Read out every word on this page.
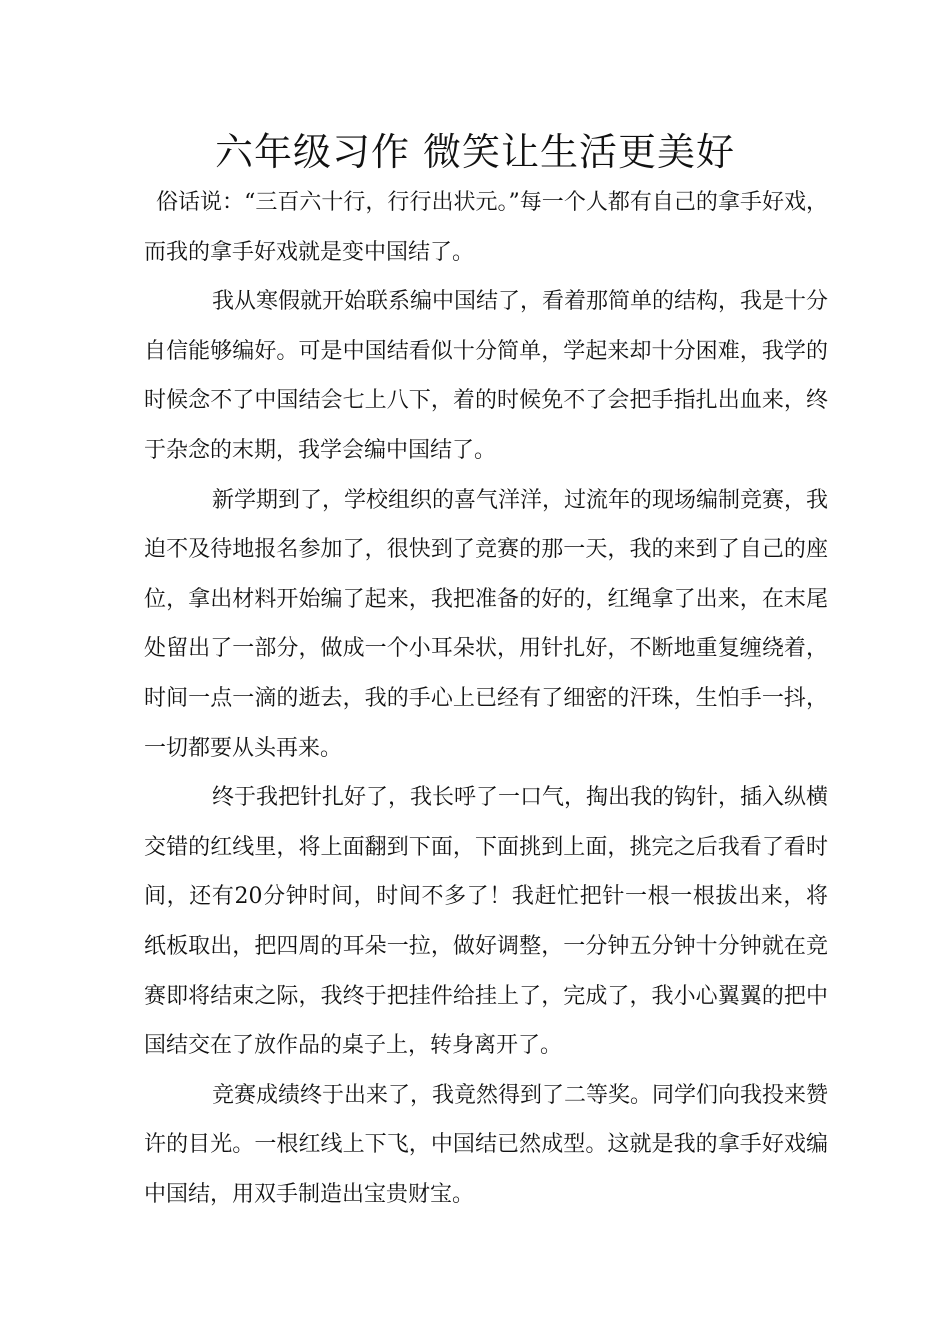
六年级习作 微笑让生活更美好

俗话说：“三百六十行，行行出状元。”每一个人都有自己的拿手好戏，而我的拿手好戏就是变中国结了。

我从寒假就开始联系编中国结了，看着那简单的结构，我是十分自信能够编好。可是中国结看似十分简单，学起来却十分困难，我学的时候念不了中国结会七上八下，着的时候免不了会把手指扎出血来，终于杂念的末期，我学会编中国结了。

新学期到了，学校组织的喜气洋洋，过流年的现场编制竞赛，我迫不及待地报名参加了，很快到了竞赛的那一天，我的来到了自己的座位，拿出材料开始编了起来，我把准备的好的，红绳拿了出来，在末尾处留出了一部分，做成一个小耳朵状，用针扎好，不断地重复缠绕着，时间一点一滴的逝去，我的手心上已经有了细密的汗珠，生怕手一抖，一切都要从头再来。

终于我把针扎好了，我长呼了一口气，掏出我的钩针，插入纵横交错的红线里，将上面翻到下面，下面挑到上面，挑完之后我看了看时间，还有20分钟时间，时间不多了！我赶忙把针一根一根拔出来，将纸板取出，把四周的耳朵一拉，做好调整，一分钟五分钟十分钟就在竞赛即将结束之际，我终于把挂件给挂上了，完成了，我小心翼翼的把中国结交在了放作品的桌子上，转身离开了。

竞赛成绩终于出来了，我竟然得到了二等奖。同学们向我投来赞许的目光。一根红线上下飞，中国结已然成型。这就是我的拿手好戏编中国结，用双手制造出宝贵财宝。
